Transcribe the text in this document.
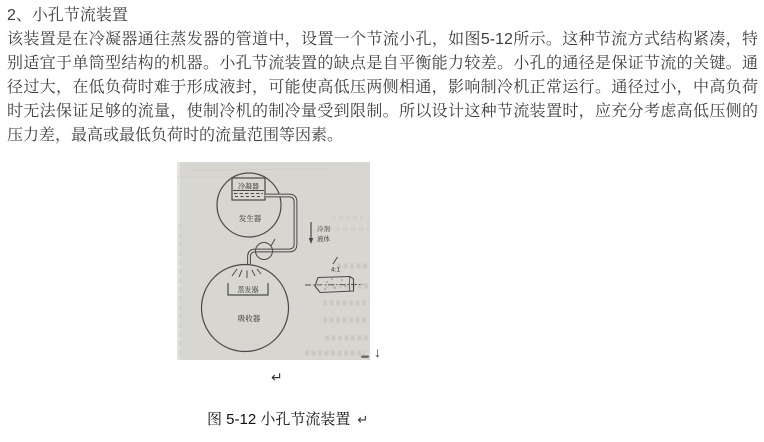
2、小孔节流装置
该装置是在冷凝器通往蒸发器的管道中，设置一个节流小孔，如图5-12所示。这种节流方式结构紧凑，特别适宜于单筒型结构的机器。小孔节流装置的缺点是自平衡能力较差。小孔的通径是保证节流的关键。通径过大，在低负荷时难于形成液封，可能使高低压两侧相通，影响制冷机正常运行。通径过小，中高负荷时无法保证足够的流量，使制冷机的制冷量受到限制。所以设计这种节流装置时，应充分考虑高低压侧的压力差，最高或最低负荷时的流量范围等因素。
冷凝器
发生器
蒸发器
吸收器
冷剂
液体
4:1
↓
↵
图 5-12 小孔节流装置 ↵
